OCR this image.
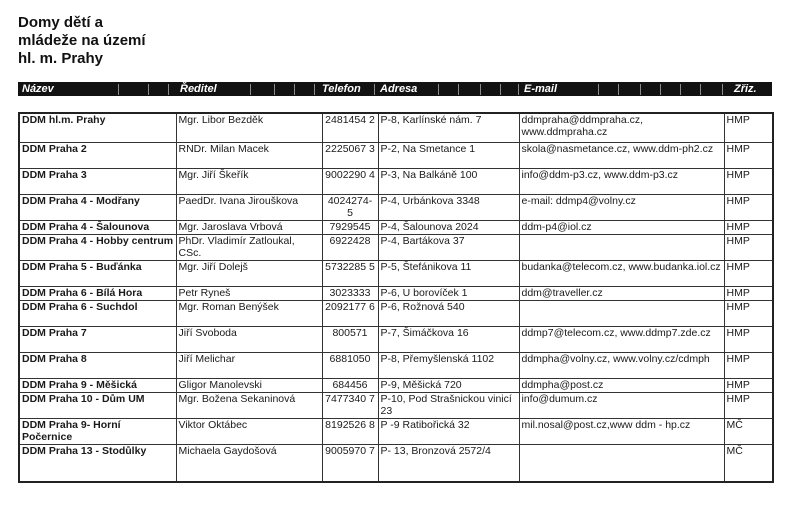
Domy dětí a
mládeže na území
hl. m. Prahy
Název	Ředitel	Telefon Adresa	E-mail	Zřiz.
DDM hl.m. Prahy	Mgr. Libor Bezděk	2481454 2	P-8, Karlínské nám. 7	ddmpraha@ddmpraha.cz, www.ddmpraha.cz	HMP
DDM Praha 2	RNDr. Milan Macek	2225067 3	P-2, Na Smetance 1	skola@nasmetance.cz, www.ddm-ph2.cz	HMP
DDM Praha 3	Mgr. Jiří Škeřík	9002290 4	P-3, Na Balkáně 100	info@ddm-p3.cz, www.ddm-p3.cz	HMP
DDM Praha 4 - Modřany	PaedDr. Ivana Jirouškova	4024274- 5	P-4, Urbánkova 3348	e-mail: ddmp4@volny.cz	HMP
DDM Praha 4 - Šalounova	Mgr. Jaroslava Vrbová	7929545	P-4, Šalounova 2024	ddm-p4@iol.cz	HMP
DDM Praha 4 - Hobby centrum	PhDr. Vladimír Zatloukal, CSc.	6922428	P-4, Bartákova 37		HMP
DDM Praha 5 - Buďánka	Mgr. Jiří Dolejš	5732285 5	P-5, Štefánikova 11	budanka@telecom.cz, www.budanka.iol.cz	HMP
DDM Praha 6 - Bílá Hora	Petr Ryneš	3023333	P-6, U borovíček 1	ddm@traveller.cz	HMP
DDM Praha 6 - Suchdol	Mgr. Roman Benýšek	2092177 6	P-6, Rožnová 540		HMP
DDM Praha 7	Jiří Svoboda	800571	P-7, Šimáčkova 16	ddmp7@telecom.cz, www.ddmp7.zde.cz	HMP
DDM Praha 8	Jiří Melichar	6881050	P-8, Přemyšlenská 1102	ddmpha@volny.cz, www.volny.cz/cdmph	HMP
DDM Praha 9 - Měšická	Gligor Manolevski	684456	P-9, Měšická 720	ddmpha@post.cz	HMP
DDM Praha 10 - Dům UM	Mgr. Božena Sekaninová	7477340 7	P-10, Pod Strašnickou vinicí 23	info@dumum.cz	HMP
DDM Praha 9- Horní Počernice	Viktor Oktábec	8192526 8	P -9 Ratibořická 32	mil.nosal@post.cz,www ddm - hp.cz	MČ
DDM Praha 13 - Stodůlky	Michaela Gaydošová	9005970 7	P- 13, Bronzová 2572/4		MČ
